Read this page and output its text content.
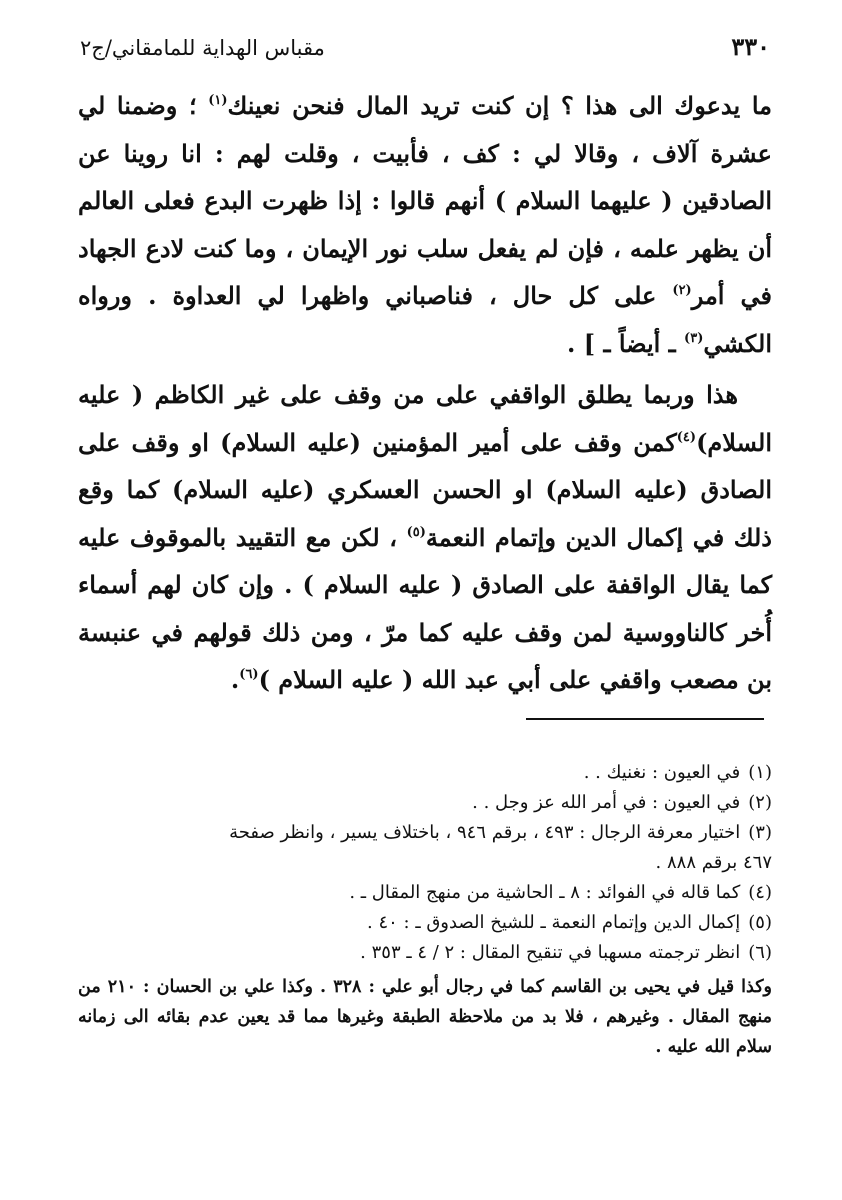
٣٣٠
مقباس الهداية للمامقاني/ج٢

ما يدعوك الى هذا ؟ إن كنت تريد المال فنحن نعينك$^{(١)}$ ؛ وضمنا لي عشرة آلاف ، وقالا لي : كف ، فأبيت ، وقلت لهم : انا روينا عن الصادقين ( عليهما السلام ) أنهم قالوا : إذا ظهرت البدع فعلى العالم أن يظهر علمه ، فإن لم يفعل سلب نور الإيمان ، وما كنت لادع الجهاد في أمر$^{(٢)}$ على كل حال ، فناصباني واظهرا لي العداوة . ورواه الكشي$^{(٣)}$ ـ أيضاً ـ ] .

هذا وربما يطلق الواقفي على من وقف على غير الكاظم ( عليه السلام)$^{(٤)}$كمن وقف على أمير المؤمنين (عليه السلام) او وقف على الصادق (عليه السلام) او الحسن العسكري (عليه السلام) كما وقع ذلك في إكمال الدين وإتمام النعمة$^{(٥)}$ ، لكن مع التقييد بالموقوف عليه كما يقال الواقفة على الصادق ( عليه السلام ) . وإن كان لهم أسماء أُخر كالناووسية لمن وقف عليه كما مرّ ، ومن ذلك قولهم في عنبسة بن مصعب واقفي على أبي عبد الله ( عليه السلام )$^{(٦)}$.

(١) في العيون : نغنيك . .

(٢) في العيون : في أمر الله عز وجل . .

(٣) اختيار معرفة الرجال : ٤٩٣ ، برقم ٩٤٦ ، باختلاف يسير ، وانظر صفحة

٤٦٧ برقم ٨٨٨ .

(٤) كما قاله في الفوائد : ٨ ـ الحاشية من منهج المقال ـ .

(٥) إكمال الدين وإتمام النعمة ـ للشيخ الصدوق ـ : ٤٠ .

(٦) انظر ترجمته مسهبا في تنقيح المقال : ٢ / ٤ ـ ٣٥٣ .

وكذا قيل في يحيى بن القاسم كما في رجال أبو علي : ٣٢٨ . وكذا علي بن الحسان : ٢١٠ من منهج المقال . وغيرهم ، فلا بد من ملاحظة الطبقة وغيرها مما قد يعين عدم بقائه الى زمانه سلام الله عليه .
